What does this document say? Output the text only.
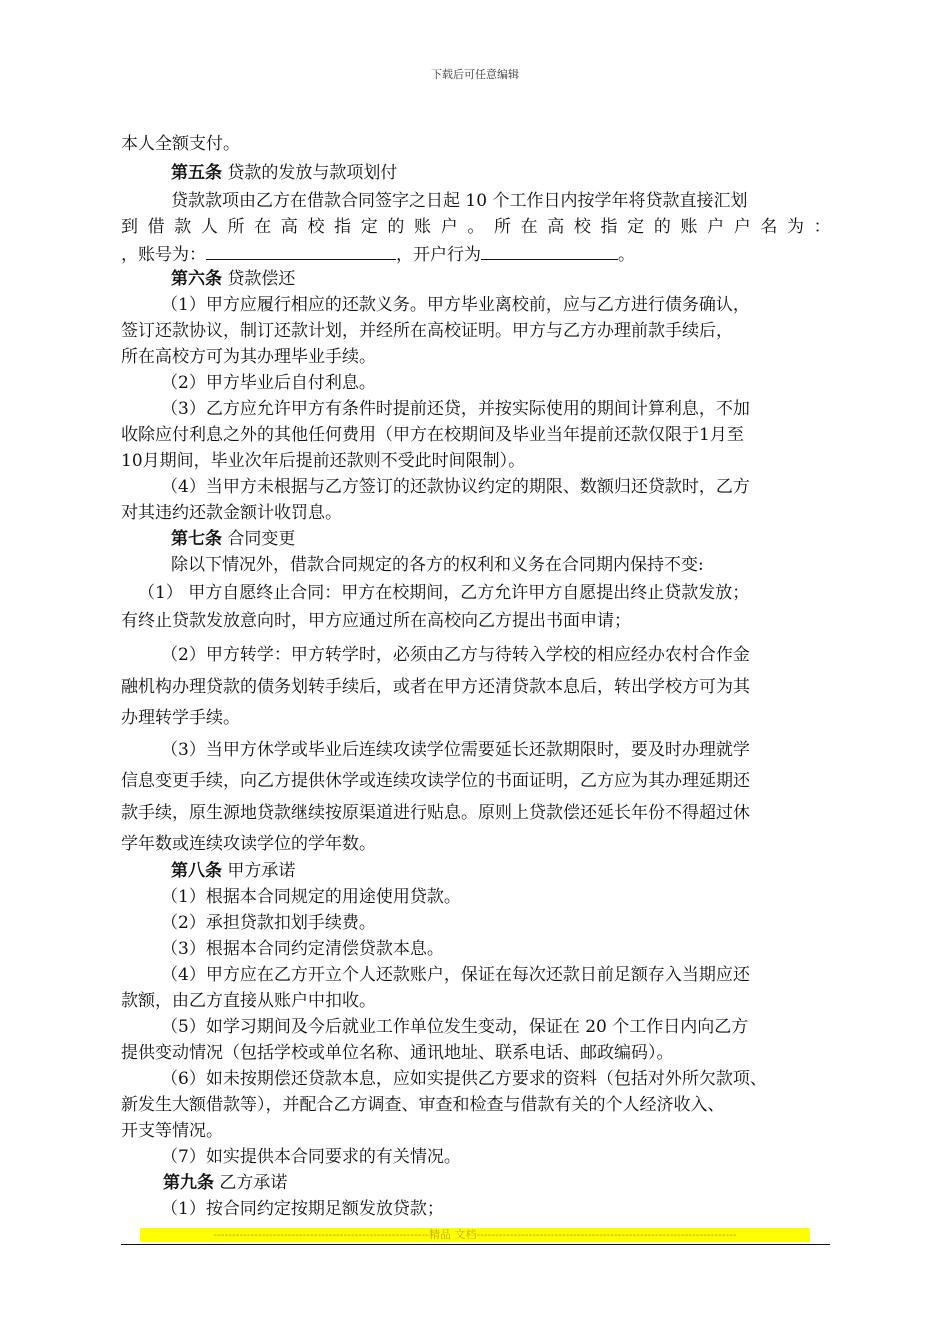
下载后可任意编辑
本人全额支付。
第五条 贷款的发放与款项划付
贷款款项由乙方在借款合同签字之日起 10 个工作日内按学年将贷款直接汇划
到 借 款 人 所 在 高 校 指 定 的 账 户 。 所 在 高 校 指 定 的 账 户 户 名 为 ：
，账号为：	，开户行为	。
第六条 贷款偿还
（1）甲方应履行相应的还款义务。甲方毕业离校前，应与乙方进行债务确认，
签订还款协议，制订还款计划，并经所在高校证明。甲方与乙方办理前款手续后，
所在高校方可为其办理毕业手续。
（2）甲方毕业后自付利息。
（3）乙方应允许甲方有条件时提前还贷，并按实际使用的期间计算利息，不加
收除应付利息之外的其他任何费用（甲方在校期间及毕业当年提前还款仅限于1月至
10月期间，毕业次年后提前还款则不受此时间限制）。
（4）当甲方未根据与乙方签订的还款协议约定的期限、数额归还贷款时，乙方
对其违约还款金额计收罚息。
第七条 合同变更
除以下情况外，借款合同规定的各方的权利和义务在合同期内保持不变:
（1） 甲方自愿终止合同：甲方在校期间，乙方允许甲方自愿提出终止贷款发放；
有终止贷款发放意向时，甲方应通过所在高校向乙方提出书面申请；
（2）甲方转学：甲方转学时，必须由乙方与待转入学校的相应经办农村合作金
融机构办理贷款的债务划转手续后，或者在甲方还清贷款本息后，转出学校方可为其
办理转学手续。
（3）当甲方休学或毕业后连续攻读学位需要延长还款期限时，要及时办理就学
信息变更手续，向乙方提供休学或连续攻读学位的书面证明，乙方应为其办理延期还
款手续，原生源地贷款继续按原渠道进行贴息。原则上贷款偿还延长年份不得超过休
学年数或连续攻读学位的学年数。
第八条 甲方承诺
（1）根据本合同规定的用途使用贷款。
（2）承担贷款扣划手续费。
（3）根据本合同约定清偿贷款本息。
（4）甲方应在乙方开立个人还款账户，保证在每次还款日前足额存入当期应还
款额，由乙方直接从账户中扣收。
（5）如学习期间及今后就业工作单位发生变动，保证在 20 个工作日内向乙方
提供变动情况（包括学校或单位名称、通讯地址、联系电话、邮政编码）。
（6）如未按期偿还贷款本息，应如实提供乙方要求的资料（包括对外所欠款项、
新发生大额借款等），并配合乙方调查、审查和检查与借款有关的个人经济收入、
开支等情况。
（7）如实提供本合同要求的有关情况。
第九条 乙方承诺
（1）按合同约定按期足额发放贷款；
----------------------------------------------------------精品 文档----------------------------------------------------------------------
